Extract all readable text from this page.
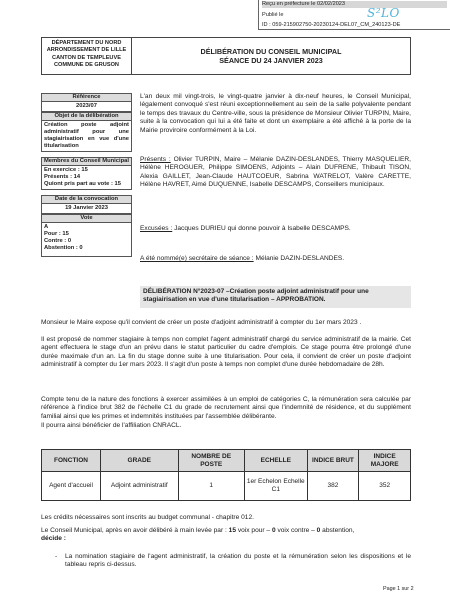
Reçu en préfecture le 02/02/2023
S²LO
Publié le
ID : 059-215902750-20230124-DEL07_CM_240123-DE
DÉPARTEMENT DU NORD
ARRONDISSEMENT DE LILLE
CANTON DE TEMPLEUVE
COMMUNE DE GRUSON
DÉLIBÉRATION DU CONSEIL MUNICIPAL
SÉANCE DU 24 JANVIER 2023
Référence
2023/07
Objet de la délibération
Création poste adjoint administratif pour une stagiairisation en vue d'une titularisation
Membres du Conseil Municipal
En exercice : 15
Présents : 14
Quiont pris part au vote : 15
Date de la convocation
19 Janvier 2023
Vote
A
Pour : 15
Contre : 0
Abstention : 0
L'an deux mil vingt-trois, le vingt-quatre janvier à dix-neuf heures, le Conseil Municipal, légalement convoqué s'est réuni exceptionnellement au sein de la salle polyvalente pendant le temps des travaux du Centre-ville, sous la présidence de Monsieur Olivier TURPIN, Maire, suite à la convocation qui lui a été faite et dont un exemplaire a été affiché à la porte de la Mairie proviroire conformément à la Loi.
Présents : Olivier TURPIN, Maire – Mélanie DAZIN-DESLANDES, Thierry MASQUELIER, Hélène HEROGUER, Philippe SIMOENS, Adjoints – Alain DUFRENE, Thibault TISON, Alexia GAILLET, Jean-Claude HAUTCOEUR, Sabrina WATRELOT, Valère CARETTE, Hélène HAVRET, Aimé DUQUENNE, Isabelle DESCAMPS, Conseillers municipaux.
Excusées : Jacques DURIEU qui donne pouvoir à Isabelle DESCAMPS.
A été nommé(e) secrétaire de séance : Mélanie DAZIN-DESLANDES.
DÉLIBÉRATION N°2023-07 –Création poste adjoint administratif pour une stagiairisation en vue d'une titularisation – APPROBATION.
Monsieur le Maire expose qu'il convient de créer un poste d'adjoint administratif à compter du 1er mars 2023 .
Il est proposé de nommer stagiaire à temps non complet l'agent administratif chargé du service administratif de la mairie. Cet agent effectuera le stage d'un an prévu dans le statut particulier du cadre d'emplois. Ce stage pourra être prolongé d'une durée maximale d'un an. La fin du stage donne suite à une titularisation. Pour cela, il convient de créer un poste d'adjoint administratif à compter du 1er mars 2023. Il s'agit d'un poste à temps non complet d'une durée hebdomadaire de 28h.
Compte tenu de la nature des fonctions à exercer assimilées à un emploi de catégories C, la rémunération sera calculée par référence à l'indice brut 382 de l'échelle C1 du grade de recrutement ainsi que l'indemnité de résidence, et du supplément familial ainsi que les primes et indemnités instituées par l'assemblée délibérante.
Il pourra ainsi bénéficier de l'affiliation CNRACL.
FONCTION	GRADE	NOMBRE DE POSTE	ECHELLE	INDICE BRUT	INDICE MAJORE
Agent d'accueil	Adjoint administratif	1	1er Echelon Echelle C1	382	352
Les crédits nécessaires sont inscrits au budget communal - chapitre 012.
Le Conseil Municipal, après en avoir délibéré à main levée par : 15 voix pour – 0 voix contre – 0 abstention,
décide :
- La nomination stagiaire de l'agent administratif, la création du poste et la rémunération selon les dispositions et le tableau repris ci-dessus.
Page 1 sur 2
